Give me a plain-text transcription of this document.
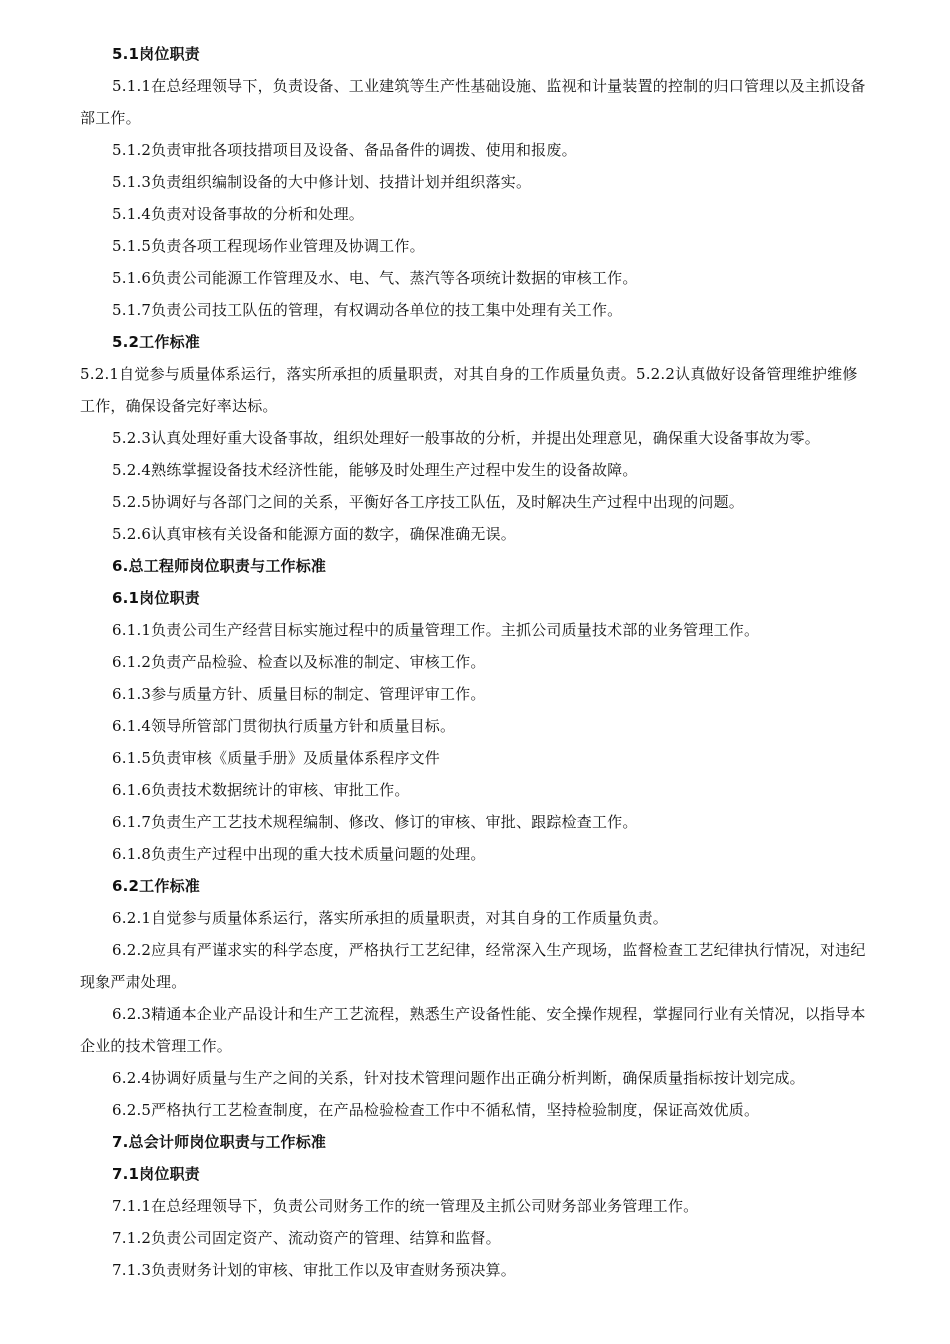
5.1岗位职责
5.1.1在总经理领导下，负责设备、工业建筑等生产性基础设施、监视和计量装置的控制的归口管理以及主抓设备部工作。
5.1.2负责审批各项技措项目及设备、备品备件的调拨、使用和报废。
5.1.3负责组织编制设备的大中修计划、技措计划并组织落实。
5.1.4负责对设备事故的分析和处理。
5.1.5负责各项工程现场作业管理及协调工作。
5.1.6负责公司能源工作管理及水、电、气、蒸汽等各项统计数据的审核工作。
5.1.7负责公司技工队伍的管理，有权调动各单位的技工集中处理有关工作。
5.2工作标准
5.2.1自觉参与质量体系运行，落实所承担的质量职责，对其自身的工作质量负责。5.2.2认真做好设备管理维护维修工作，确保设备完好率达标。
5.2.3认真处理好重大设备事故，组织处理好一般事故的分析，并提出处理意见，确保重大设备事故为零。
5.2.4熟练掌握设备技术经济性能，能够及时处理生产过程中发生的设备故障。
5.2.5协调好与各部门之间的关系，平衡好各工序技工队伍，及时解决生产过程中出现的问题。
5.2.6认真审核有关设备和能源方面的数字，确保准确无误。
6.总工程师岗位职责与工作标准
6.1岗位职责
6.1.1负责公司生产经营目标实施过程中的质量管理工作。主抓公司质量技术部的业务管理工作。
6.1.2负责产品检验、检查以及标准的制定、审核工作。
6.1.3参与质量方针、质量目标的制定、管理评审工作。
6.1.4领导所管部门贯彻执行质量方针和质量目标。
6.1.5负责审核《质量手册》及质量体系程序文件
6.1.6负责技术数据统计的审核、审批工作。
6.1.7负责生产工艺技术规程编制、修改、修订的审核、审批、跟踪检查工作。
6.1.8负责生产过程中出现的重大技术质量问题的处理。
6.2工作标准
6.2.1自觉参与质量体系运行，落实所承担的质量职责，对其自身的工作质量负责。
6.2.2应具有严谨求实的科学态度，严格执行工艺纪律，经常深入生产现场，监督检查工艺纪律执行情况，对违纪现象严肃处理。
6.2.3精通本企业产品设计和生产工艺流程，熟悉生产设备性能、安全操作规程，掌握同行业有关情况，以指导本企业的技术管理工作。
6.2.4协调好质量与生产之间的关系，针对技术管理问题作出正确分析判断，确保质量指标按计划完成。
6.2.5严格执行工艺检查制度，在产品检验检查工作中不循私情，坚持检验制度，保证高效优质。
7.总会计师岗位职责与工作标准
7.1岗位职责
7.1.1在总经理领导下，负责公司财务工作的统一管理及主抓公司财务部业务管理工作。
7.1.2负责公司固定资产、流动资产的管理、结算和监督。
7.1.3负责财务计划的审核、审批工作以及审查财务预决算。
